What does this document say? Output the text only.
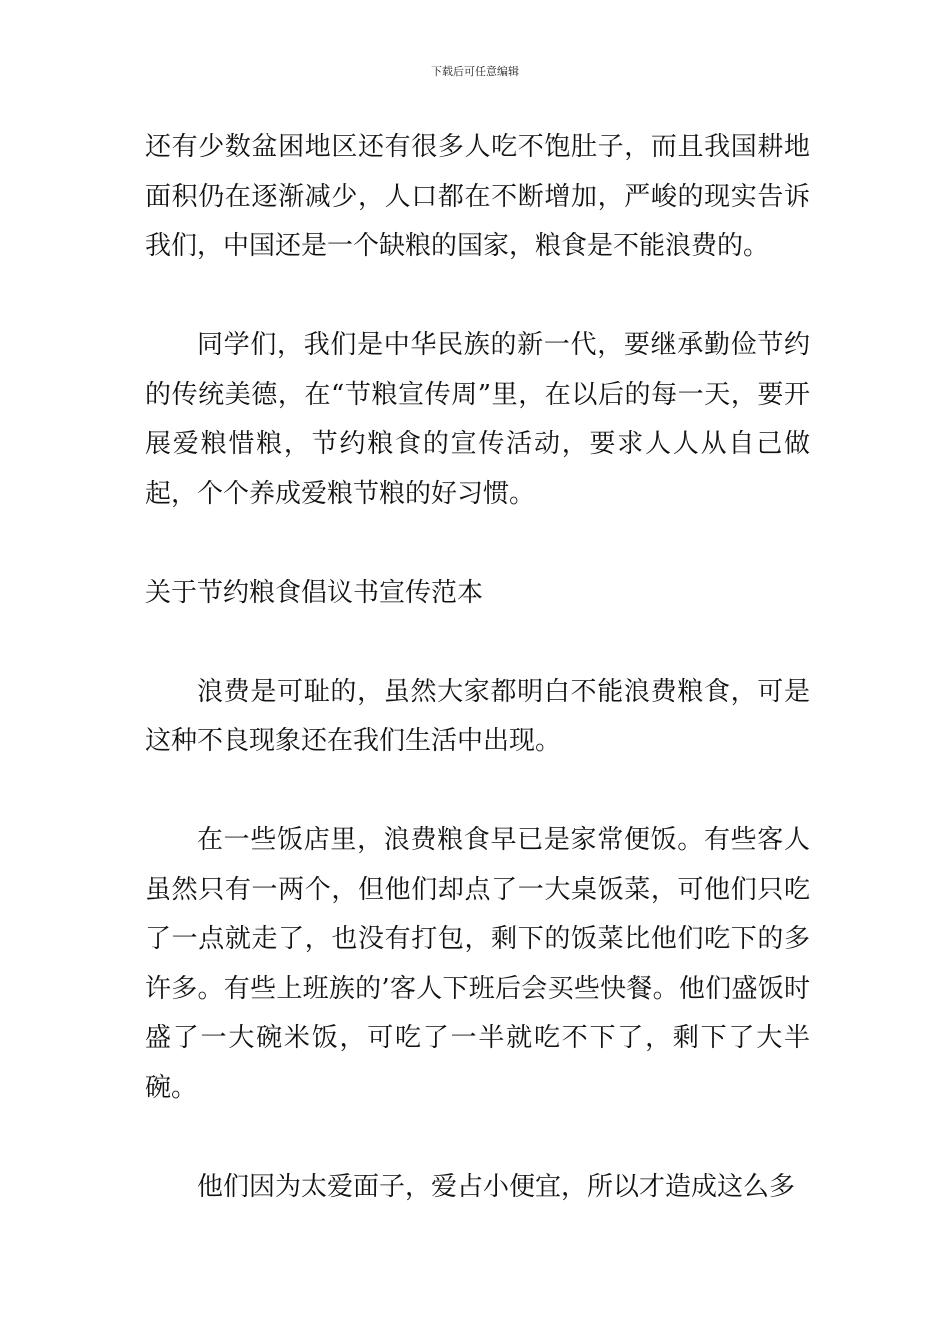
下载后可任意编辑

还有少数盆困地区还有很多人吃不饱肚子，而且我国耕地面积仍在逐渐减少，人口都在不断增加，严峻的现实告诉我们，中国还是一个缺粮的国家，粮食是不能浪费的。

同学们，我们是中华民族的新一代，要继承勤俭节约的传统美德，在“节粮宣传周”里，在以后的每一天，要开展爱粮惜粮，节约粮食的宣传活动，要求人人从自己做起，个个养成爱粮节粮的好习惯。

关于节约粮食倡议书宣传范本

浪费是可耻的，虽然大家都明白不能浪费粮食，可是这种不良现象还在我们生活中出现。

在一些饭店里，浪费粮食早已是家常便饭。有些客人虽然只有一两个，但他们却点了一大桌饭菜，可他们只吃了一点就走了，也没有打包，剩下的饭菜比他们吃下的多许多。有些上班族的’客人下班后会买些快餐。他们盛饭时盛了一大碗米饭，可吃了一半就吃不下了，剩下了大半碗。

他们因为太爱面子，爱占小便宜，所以才造成这么多
